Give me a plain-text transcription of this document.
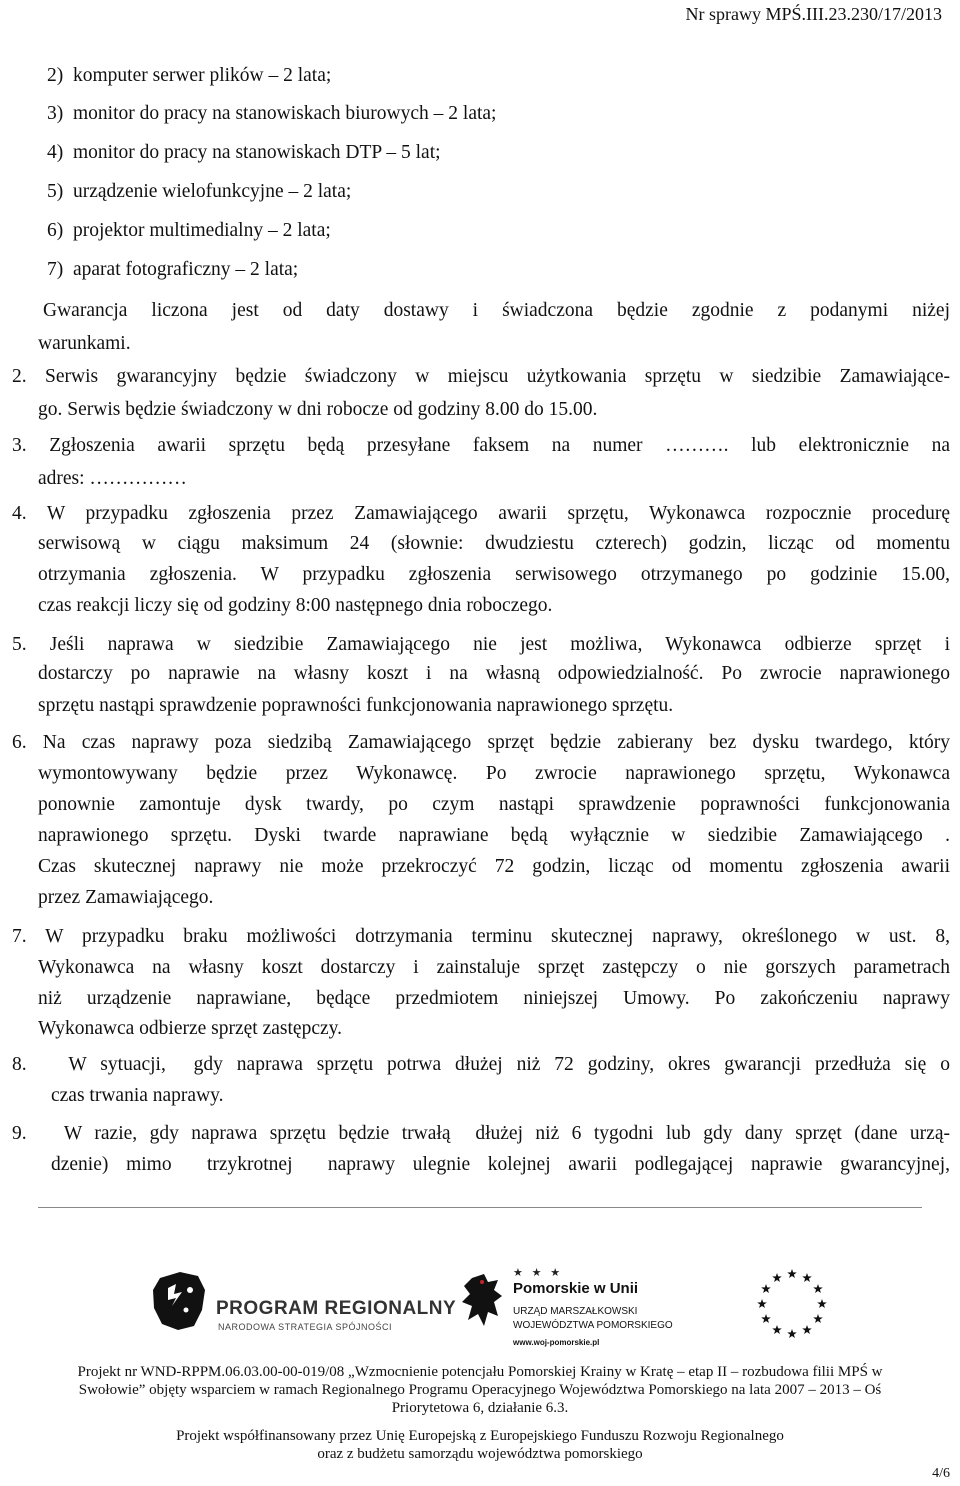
Nr sprawy MPŚ.III.23.230/17/2013
2)  komputer serwer plików – 2 lata;
3)  monitor do pracy na stanowiskach biurowych – 2 lata;
4)  monitor do pracy na stanowiskach DTP – 5 lat;
5)  urządzenie wielofunkcyjne – 2 lata;
6)  projektor multimedialny – 2 lata;
7)  aparat fotograficzny – 2 lata;
Gwarancja liczona jest od daty dostawy i świadczona będzie zgodnie z podanymi niżej
warunkami.
2. Serwis gwarancyjny będzie świadczony w miejscu użytkowania sprzętu w siedzibie Zamawiające-
go. Serwis będzie świadczony w dni robocze od godziny 8.00 do 15.00.
3. Zgłoszenia awarii sprzętu będą przesyłane faksem na numer ………. lub elektronicznie na
adres: ……………
4. W przypadku zgłoszenia przez Zamawiającego awarii sprzętu, Wykonawca rozpocznie procedurę
serwisową w ciągu maksimum 24 (słownie: dwudziestu czterech) godzin, licząc od momentu
otrzymania zgłoszenia. W przypadku zgłoszenia serwisowego otrzymanego po godzinie 15.00,
czas reakcji liczy się od godziny 8:00 następnego dnia roboczego.
5. Jeśli naprawa w siedzibie Zamawiającego nie jest możliwa, Wykonawca odbierze sprzęt i
dostarczy po naprawie na własny koszt i na własną odpowiedzialność. Po zwrocie naprawionego
sprzętu nastąpi sprawdzenie poprawności funkcjonowania naprawionego sprzętu.
6. Na czas naprawy poza siedzibą Zamawiającego sprzęt będzie zabierany bez dysku twardego, który
wymontowywany będzie przez Wykonawcę. Po zwrocie naprawionego sprzętu, Wykonawca
ponownie zamontuje dysk twardy, po czym nastąpi sprawdzenie poprawności funkcjonowania
naprawionego sprzętu. Dyski twarde naprawiane będą wyłącznie w siedzibie Zamawiającego .
Czas skutecznej naprawy nie może przekroczyć 72 godzin, licząc od momentu zgłoszenia awarii
przez Zamawiającego.
7. W przypadku braku możliwości dotrzymania terminu skutecznej naprawy, określonego w ust. 8,
Wykonawca na własny koszt dostarczy i zainstaluje sprzęt zastępczy o nie gorszych parametrach
niż urządzenie naprawiane, będące przedmiotem niniejszej Umowy. Po zakończeniu naprawy
Wykonawca odbierze sprzęt zastępczy.
8.   W sytuacji,  gdy naprawa sprzętu potrwa dłużej niż 72 godziny, okres gwarancji przedłuża się o
czas trwania naprawy.
9.   W razie, gdy naprawa sprzętu będzie trwałą  dłużej niż 6 tygodni lub gdy dany sprzęt (dane urzą-
dzenie) mimo  trzykrotnej  naprawy ulegnie kolejnej awarii podlegającej naprawie gwarancyjnej,
PROGRAM REGIONALNY
NARODOWA STRATEGIA SPÓJNOŚCI
★ ★ ★
Pomorskie w Unii
URZĄD MARSZAŁKOWSKI
WOJEWÓDZTWA POMORSKIEGO
www.woj-pomorskie.pl
Projekt nr WND-RPPM.06.03.00-00-019/08 „Wzmocnienie potencjału Pomorskiej Krainy w Kratę – etap II – rozbudowa filii MPŚ w
Swołowie” objęty wsparciem w ramach Regionalnego Programu Operacyjnego Województwa Pomorskiego na lata 2007 – 2013 – Oś
Priorytetowa 6, działanie 6.3.
Projekt współfinansowany przez Unię Europejską z Europejskiego Funduszu Rozwoju Regionalnego
oraz z budżetu samorządu województwa pomorskiego
4/6
